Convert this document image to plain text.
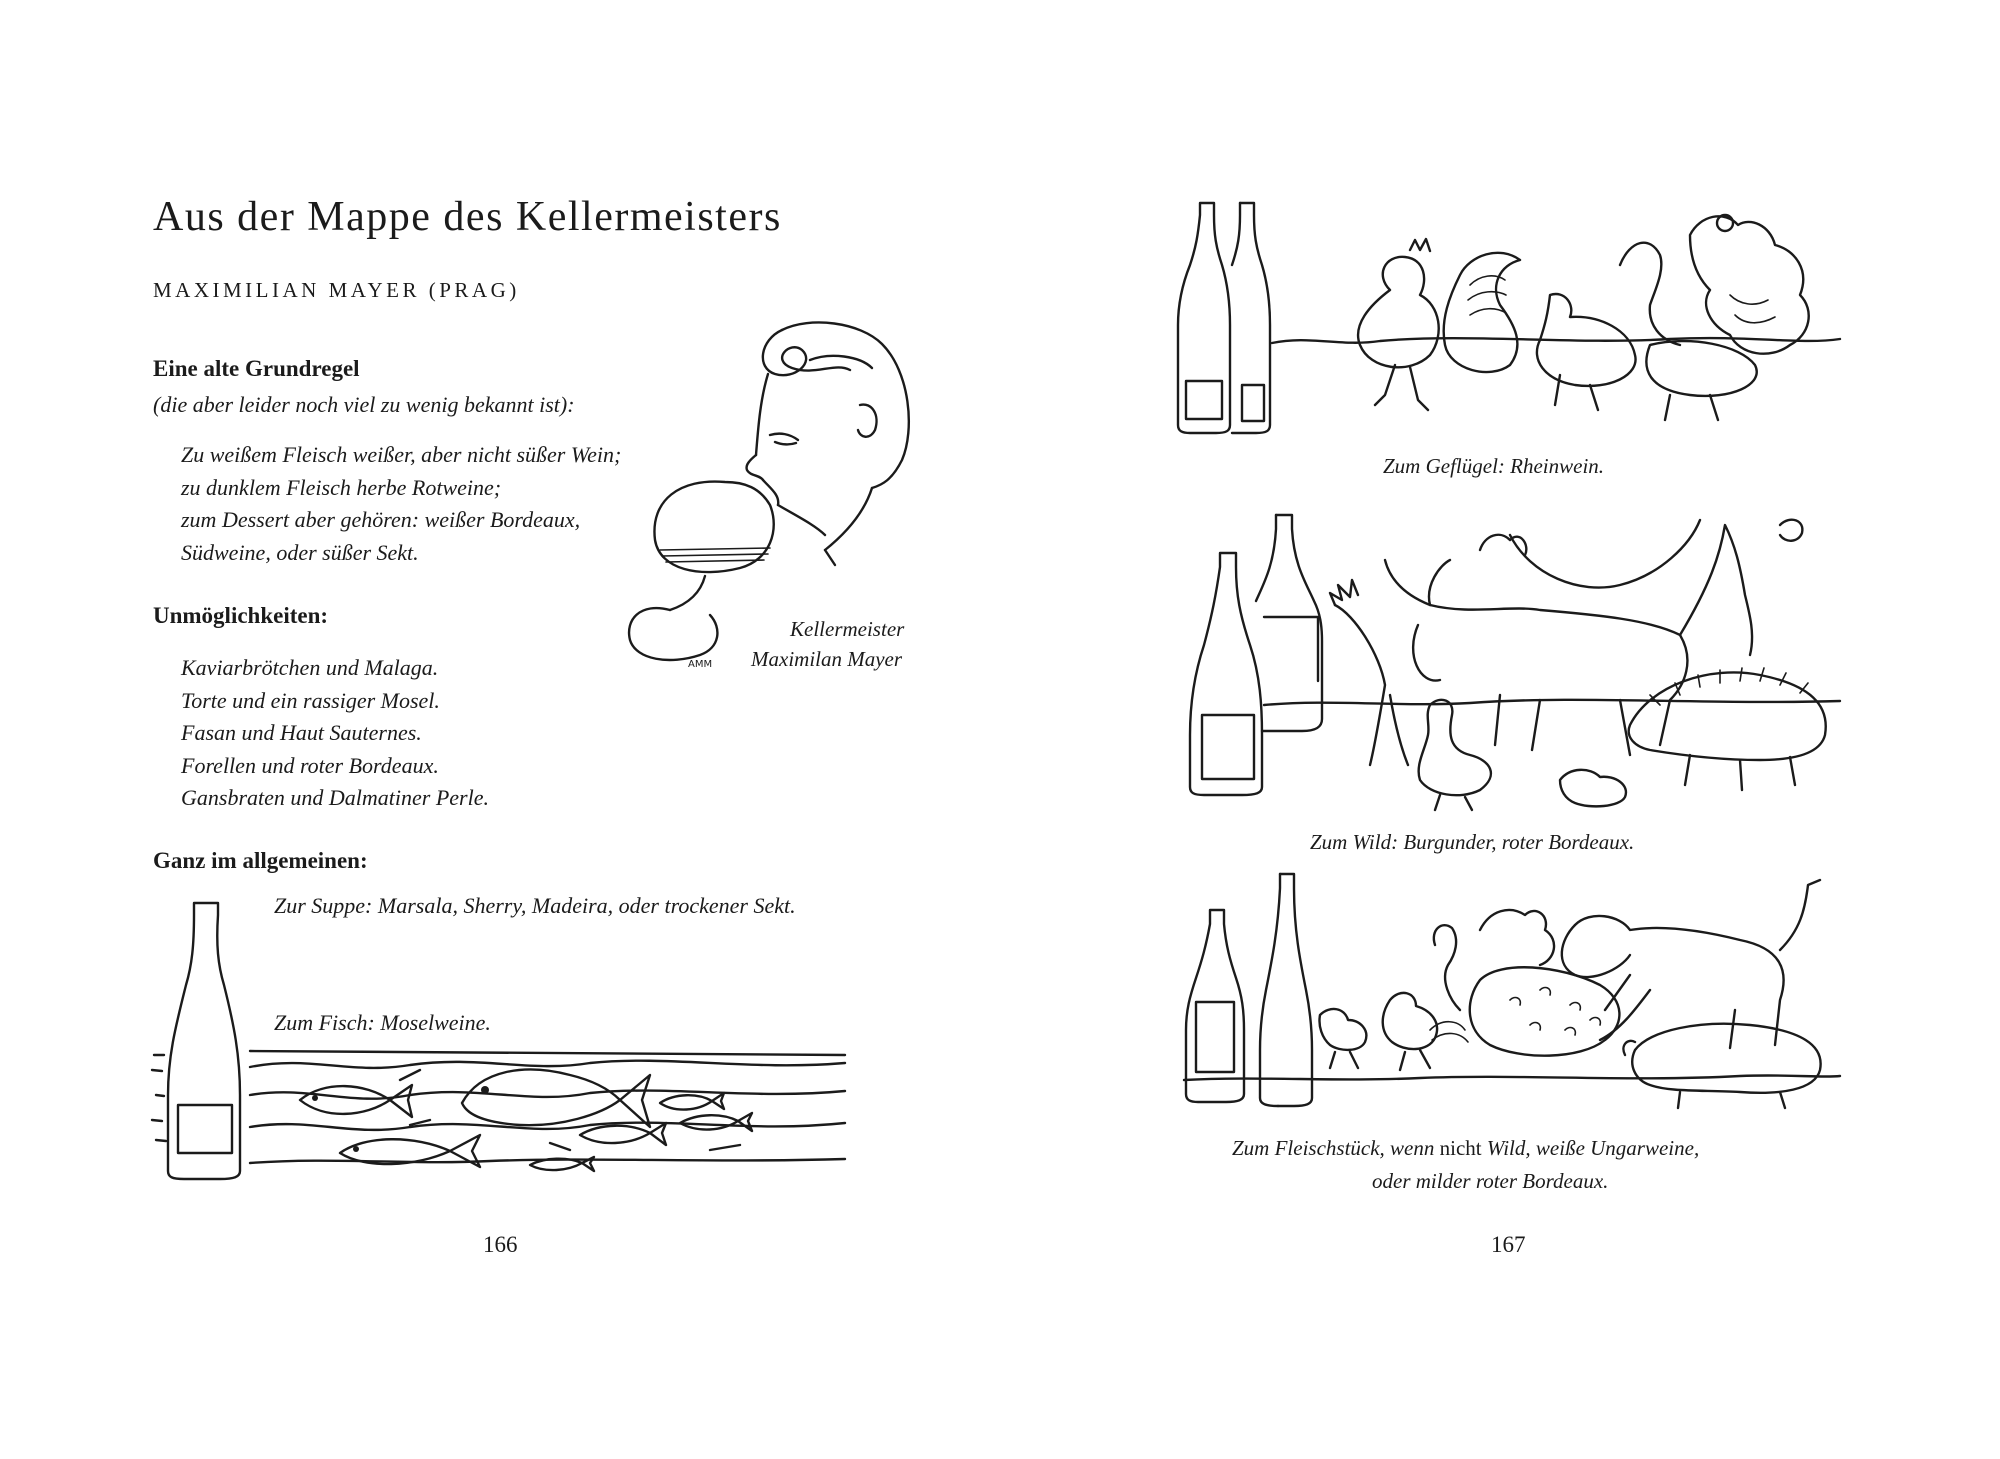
Aus der Mappe des Kellermeisters
MAXIMILIAN MAYER (PRAG)
Eine alte Grundregel
(die aber leider noch viel zu wenig bekannt ist):
Zu weißem Fleisch weißer, aber nicht süßer Wein;
zu dunklem Fleisch herbe Rotweine;
zum Dessert aber gehören: weißer Bordeaux,
Südweine, oder süßer Sekt.
AMM
Kellermeister
Maximilan Mayer
Unmöglichkeiten:
Kaviarbrötchen und Malaga.
Torte und ein rassiger Mosel.
Fasan und Haut Sauternes.
Forellen und roter Bordeaux.
Gansbraten und Dalmatiner Perle.
Ganz im allgemeinen:
Zur Suppe: Marsala, Sherry, Madeira, oder trockener Sekt.
Zum Fisch: Moselweine.
166
Zum Geflügel: Rheinwein.
Zum Wild: Burgunder, roter Bordeaux.
Zum Fleischstück, wenn nicht Wild, weiße Ungarweine,
oder milder roter Bordeaux.
167
